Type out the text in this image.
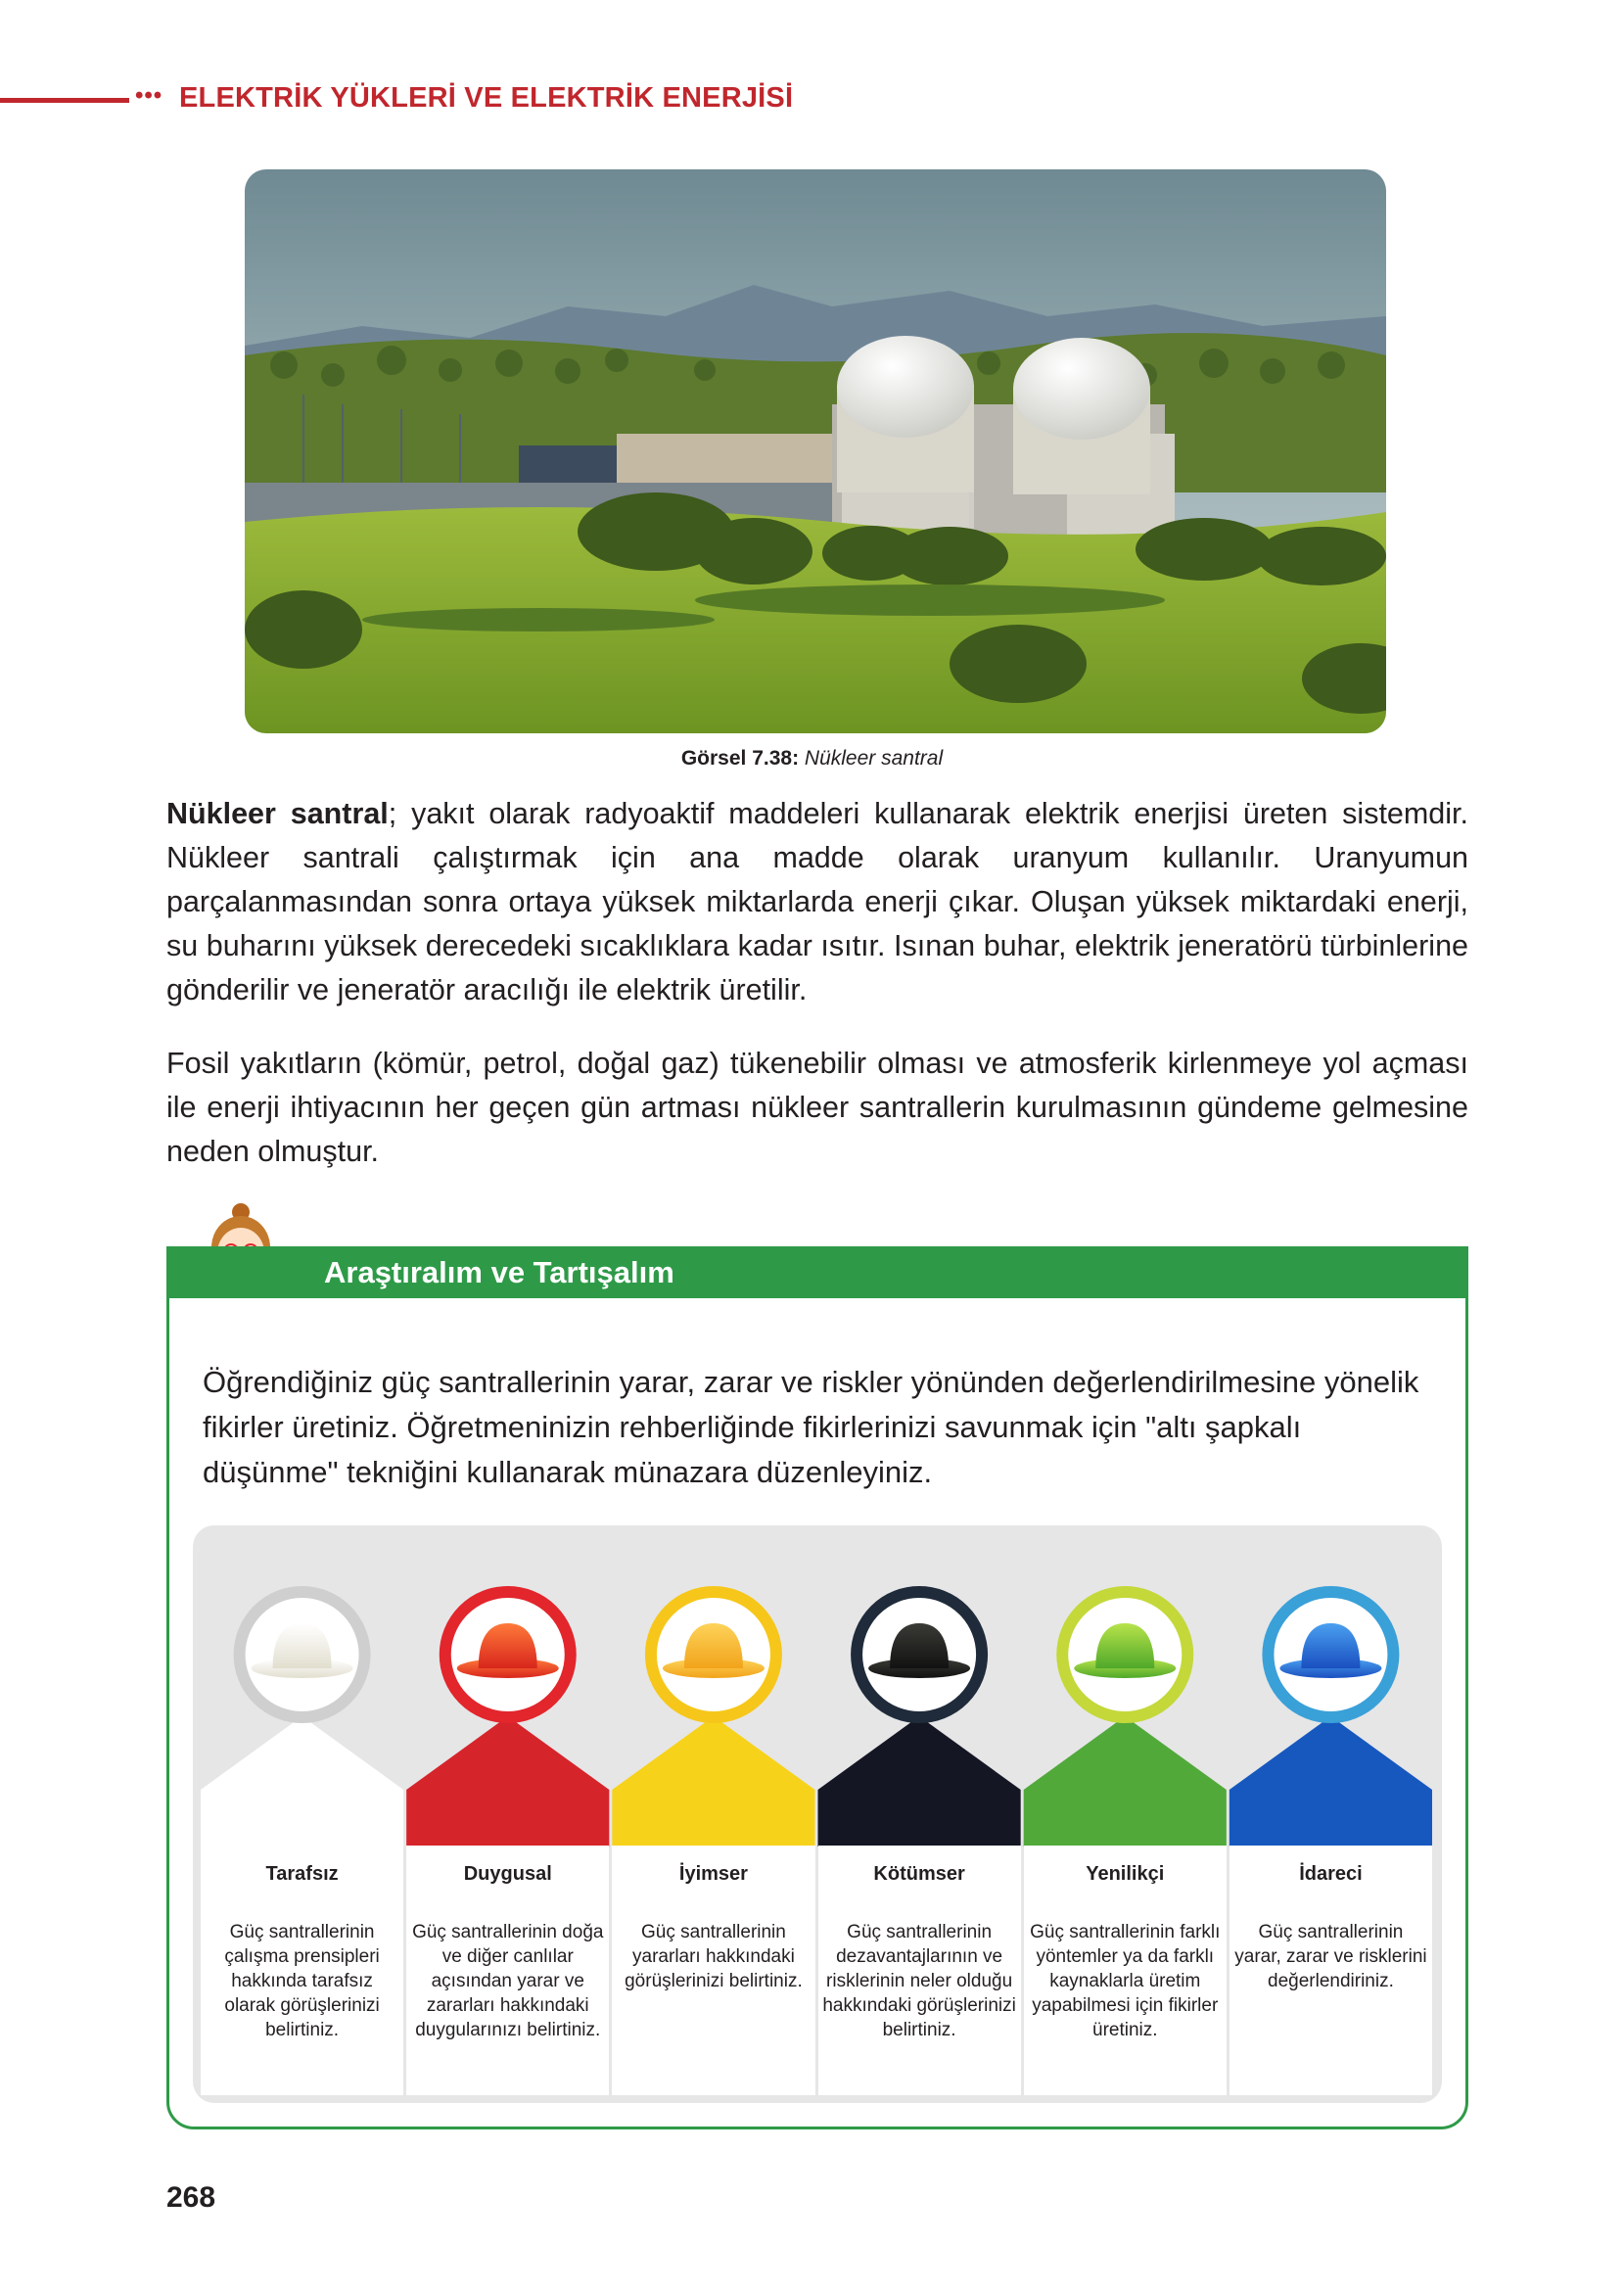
••• ELEKTRİK YÜKLERİ VE ELEKTRİK ENERJİSİ
Görsel 7.38: Nükleer santral

Nükleer santral; yakıt olarak radyoaktif maddeleri kullanarak elektrik enerjisi üreten sistemdir. Nükleer santrali çalıştırmak için ana madde olarak uranyum kullanılır. Uranyumun parçalanmasından sonra ortaya yüksek miktarlarda enerji çıkar. Oluşan yüksek miktardaki enerji, su buharını yüksek derecedeki sıcaklıklara kadar ısıtır. Isınan buhar, elektrik jeneratörü türbinlerine gönderilir ve jeneratör aracılığı ile elektrik üretilir.

Fosil yakıtların (kömür, petrol, doğal gaz) tükenebilir olması ve atmosferik kirlenmeye yol açması ile enerji ihtiyacının her geçen gün artması nükleer santrallerin kurulmasının gündeme gelmesine neden olmuştur.

Araştıralım ve Tartışalım

Öğrendiğiniz güç santrallerinin yarar, zarar ve riskler yönünden değerlendirilmesine yönelik fikirler üretiniz. Öğretmeninizin rehberliğinde fikirlerinizi savunmak için "altı şapkalı düşünme" tekniğini kullanarak münazara düzenleyiniz.

Tarafsız
Güç santrallerinin çalışma prensipleri hakkında tarafsız olarak görüşlerinizi belirtiniz.
Duygusal
Güç santrallerinin doğa ve diğer canlılar açısından yarar ve zararları hakkındaki duygularınızı belirtiniz.
İyimser
Güç santrallerinin yararları hakkındaki görüşlerinizi belirtiniz.
Kötümser
Güç santrallerinin dezavantajlarının ve risklerinin neler olduğu hakkındaki görüşlerinizi belirtiniz.
Yenilikçi
Güç santrallerinin farklı yöntemler ya da farklı kaynaklarla üretim yapabilmesi için fikirler üretiniz.
İdareci
Güç santrallerinin yarar, zarar ve risklerini değerlendiriniz.
268
